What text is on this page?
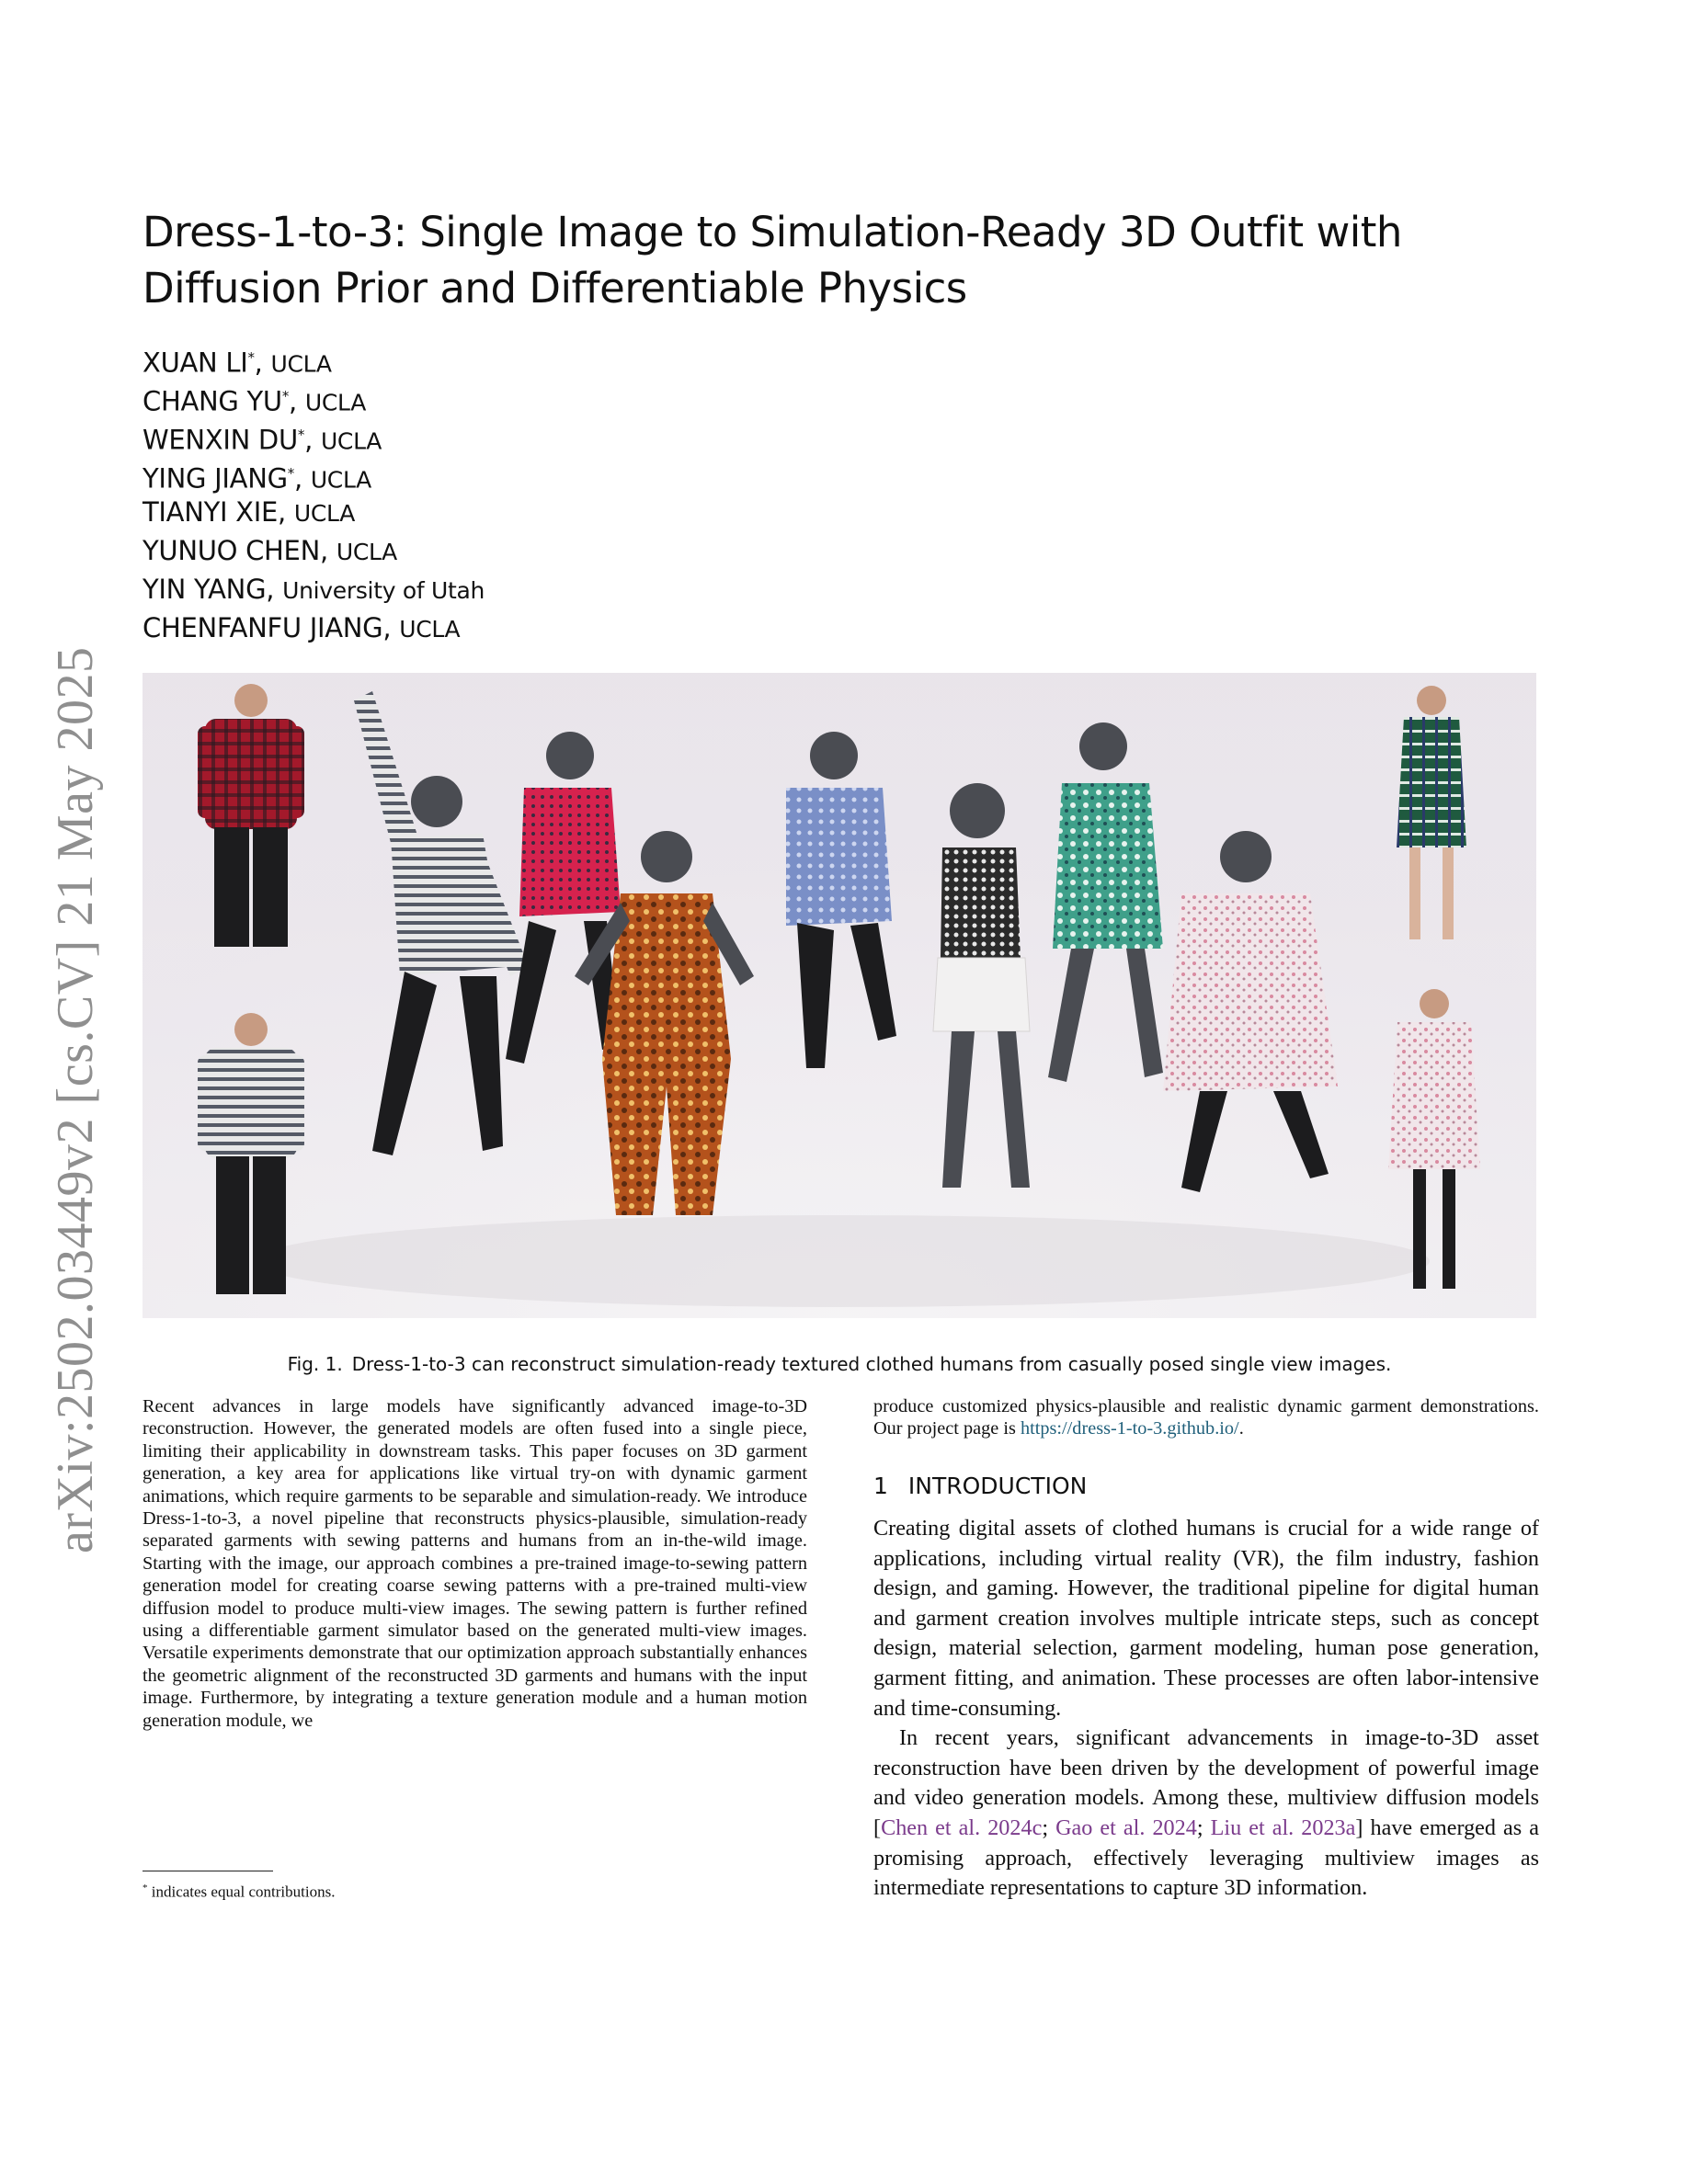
arXiv:2502.03449v2 [cs.CV] 21 May 2025
Dress-1-to-3: Single Image to Simulation-Ready 3D Outfit with Diffusion Prior and Differentiable Physics
XUAN LI*, UCLA
CHANG YU*, UCLA
WENXIN DU*, UCLA
YING JIANG*, UCLA
TIANYI XIE, UCLA
YUNUO CHEN, UCLA
YIN YANG, University of Utah
CHENFANFU JIANG, UCLA
Fig. 1. Dress-1-to-3 can reconstruct simulation-ready textured clothed humans from casually posed single view images.

Recent advances in large models have significantly advanced image-to-3D reconstruction. However, the generated models are often fused into a single piece, limiting their applicability in downstream tasks. This paper focuses on 3D garment generation, a key area for applications like virtual try-on with dynamic garment animations, which require garments to be separable and simulation-ready. We introduce Dress-1-to-3, a novel pipeline that reconstructs physics-plausible, simulation-ready separated garments with sewing patterns and humans from an in-the-wild image. Starting with the image, our approach combines a pre-trained image-to-sewing pattern generation model for creating coarse sewing patterns with a pre-trained multi-view diffusion model to produce multi-view images. The sewing pattern is further refined using a differentiable garment simulator based on the generated multi-view images. Versatile experiments demonstrate that our optimization approach substantially enhances the geometric alignment of the reconstructed 3D garments and humans with the input image. Furthermore, by integrating a texture generation module and a human motion generation module, we

* indicates equal contributions.

produce customized physics-plausible and realistic dynamic garment demonstrations. Our project page is https://dress-1-to-3.github.io/.

1 INTRODUCTION

Creating digital assets of clothed humans is crucial for a wide range of applications, including virtual reality (VR), the film industry, fashion design, and gaming. However, the traditional pipeline for digital human and garment creation involves multiple intricate steps, such as concept design, material selection, garment modeling, human pose generation, garment fitting, and animation. These processes are often labor-intensive and time-consuming.

In recent years, significant advancements in image-to-3D asset reconstruction have been driven by the development of powerful image and video generation models. Among these, multiview diffusion models [Chen et al. 2024c; Gao et al. 2024; Liu et al. 2023a] have emerged as a promising approach, effectively leveraging multiview images as intermediate representations to capture 3D information.
